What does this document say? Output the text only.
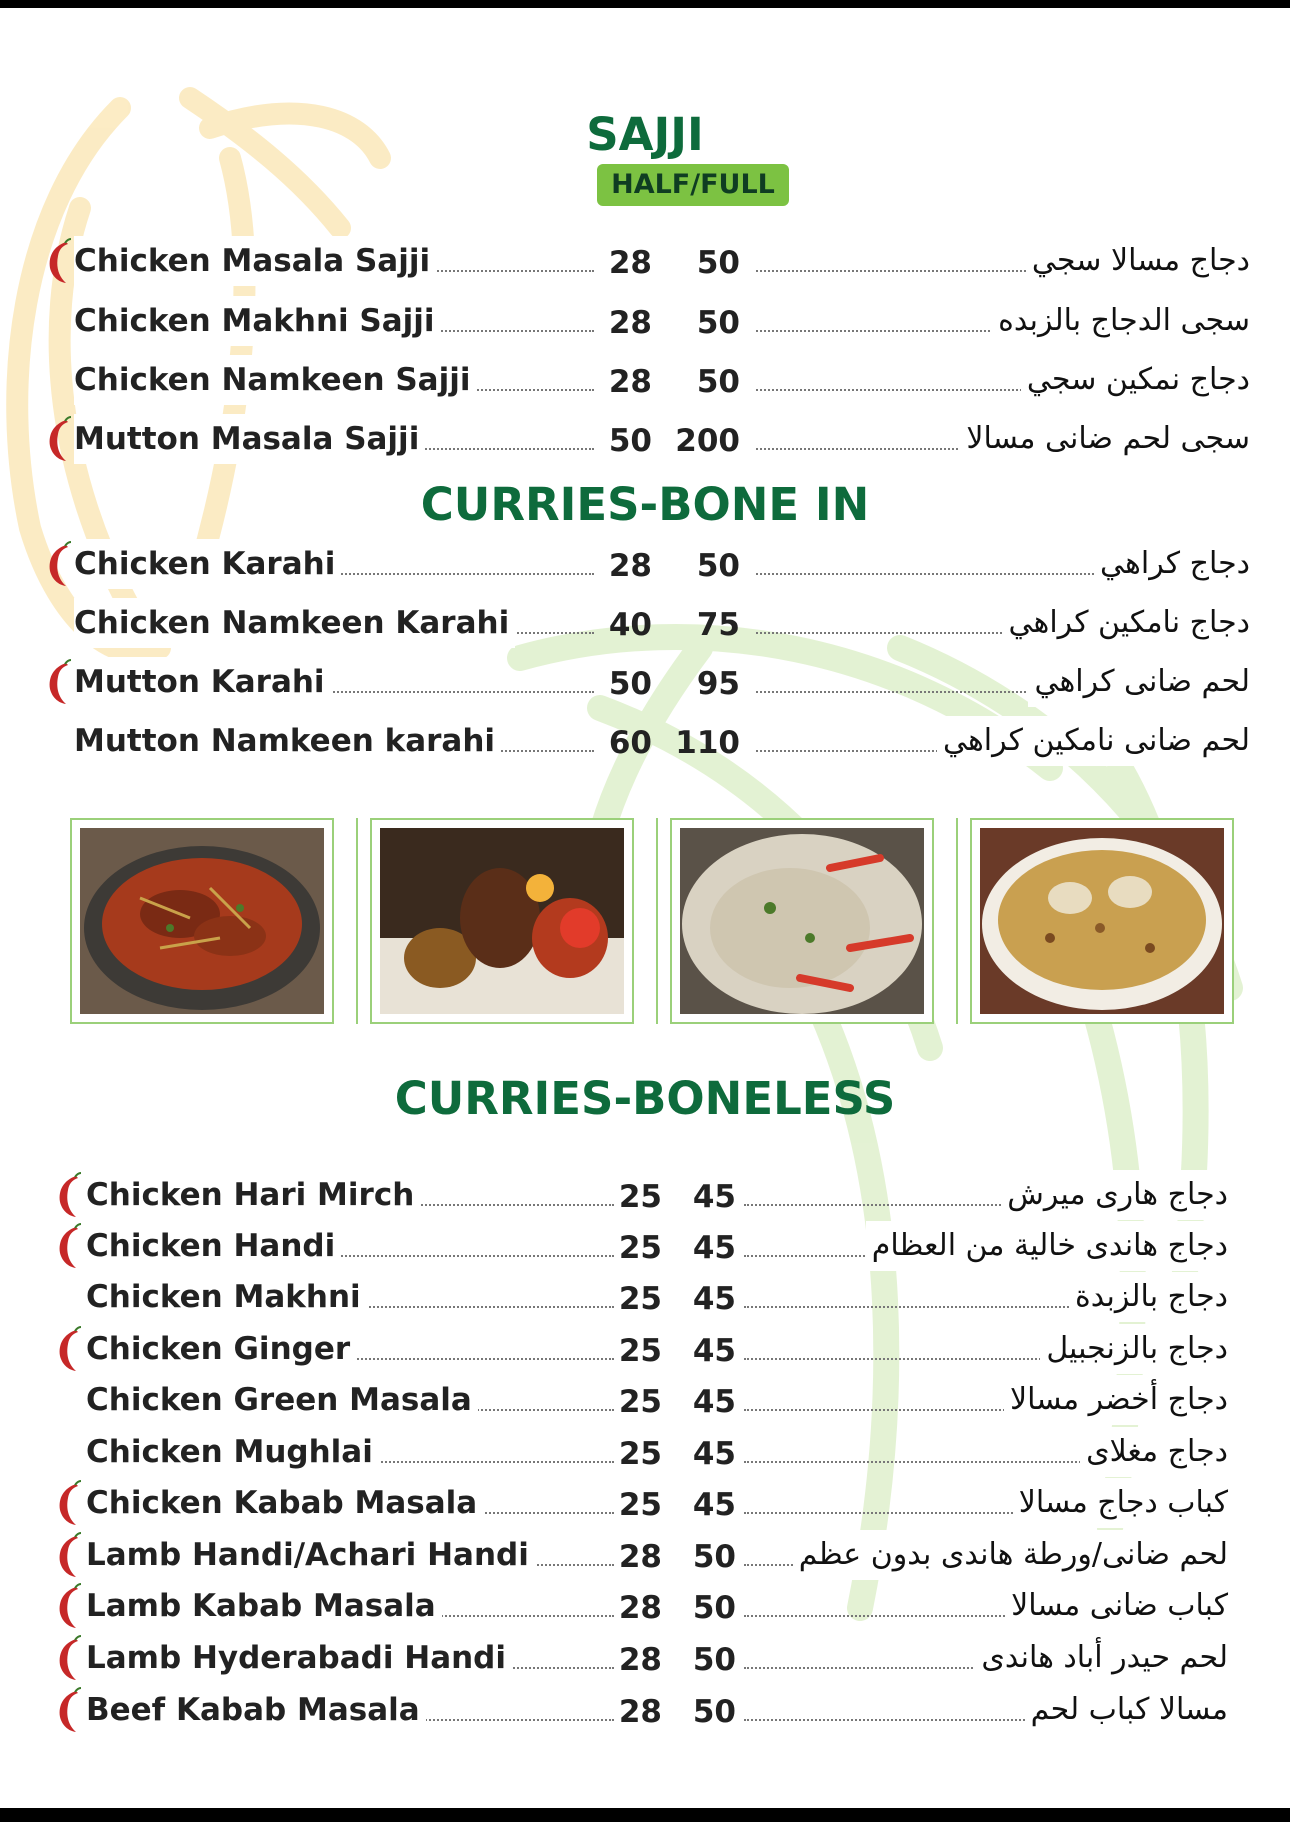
SAJJI
HALF/FULL
Chicken Masala Sajji	28	50	دجاج مسالا سجي
Chicken Makhni Sajji	28	50	سجى الدجاج بالزبده
Chicken Namkeen Sajji	28	50	دجاج نمكين سجي
Mutton Masala Sajji	50 200	سجى لحم ضانى مسالا
CURRIES-BONE IN
Chicken Karahi	28	50	دجاج كراهي
Chicken Namkeen Karahi	40	75	دجاج نامكين كراهي
Mutton Karahi	50	95	لحم ضانى كراهي
Mutton Namkeen karahi	60 110	لحم ضانى نامكين كراهي
CURRIES-BONELESS
Chicken Hari Mirch	25 45	دجاج هارى ميرش
Chicken Handi	25 45	دجاج هاندى خالية من العظام
Chicken Makhni	25 45	دجاج بالزبدة
Chicken Ginger	25 45	دجاج بالزنجبيل
Chicken Green Masala	25 45	دجاج أخضر مسالا
Chicken Mughlai	25 45	دجاج مغلاى
Chicken Kabab Masala	25 45	كباب دجاج مسالا
Lamb Handi/Achari Handi	28 50 لحم ضانى/ورطة هاندى بدون عظم
Lamb Kabab Masala	28 50	كباب ضانى مسالا
Lamb Hyderabadi Handi	28 50	لحم حيدر أباد هاندى
Beef Kabab Masala	28 50	مسالا كباب لحم
